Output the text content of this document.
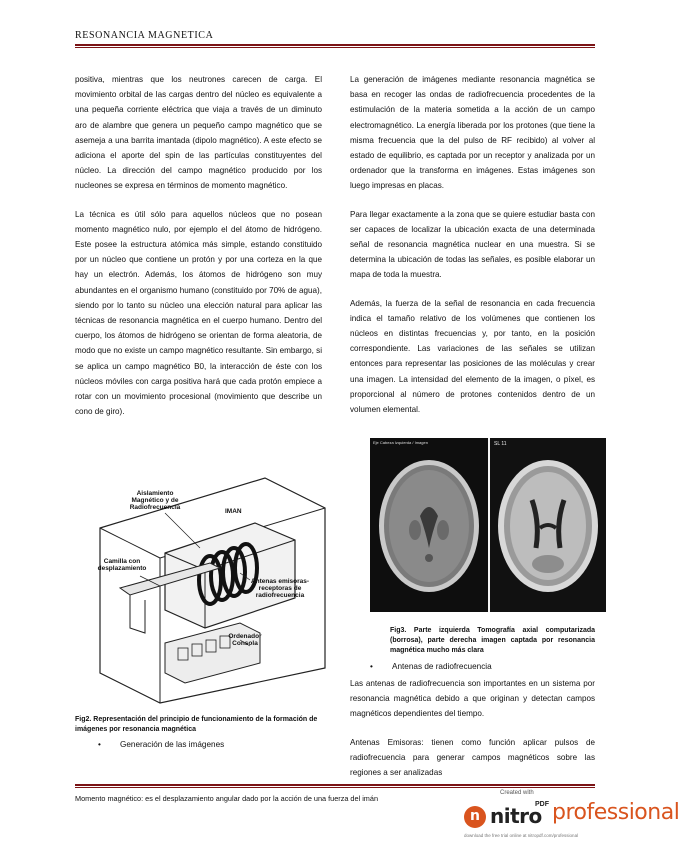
RESONANCIA MAGNETICA

positiva, mientras que los neutrones carecen de carga. El movimiento orbital de las cargas dentro del núcleo es equivalente a una pequeña corriente eléctrica que viaja a través de un diminuto aro de alambre que genera un pequeño campo magnético que se asemeja a una barrita imantada (dipolo magnético). A este efecto se adiciona el aporte del spin de las partículas constituyentes del núcleo. La dirección del campo magnético producido por los nucleones se expresa en términos de momento magnético.

La técnica es útil sólo para aquellos núcleos que no posean momento magnético nulo, por ejemplo el del átomo de hidrógeno. Este posee la estructura atómica más simple, estando constituido por un núcleo que contiene un protón y por una corteza en la que hay un electrón. Además, los átomos de hidrógeno son muy abundantes en el organismo humano (constituido por 70% de agua), siendo por lo tanto su núcleo una elección natural para aplicar las técnicas de resonancia magnética en el cuerpo humano. Dentro del cuerpo, los átomos de hidrógeno se orientan de forma aleatoria, de modo que no existe un campo magnético resultante. Sin embargo, si se aplica un campo magnético B0, la interacción de éste con los núcleos móviles con carga positiva hará que cada protón empiece a rotar con un movimiento procesional (movimiento que describe un cono de giro).

La generación de imágenes mediante resonancia magnética se basa en recoger las ondas de radiofrecuencia procedentes de la estimulación de la materia sometida a la acción de un campo electromagnético. La energía liberada por los protones (que tiene la misma frecuencia que la del pulso de RF recibido) al volver al estado de equilibrio, es captada por un receptor y analizada por un ordenador que la transforma en imágenes. Estas imágenes son luego impresas en placas.

Para llegar exactamente a la zona que se quiere estudiar basta con ser capaces de localizar la ubicación exacta de una determinada señal de resonancia magnética nuclear en una muestra. Si se determina la ubicación de todas las señales, es posible elaborar un mapa de toda la muestra.

Además, la fuerza de la señal de resonancia en cada frecuencia indica el tamaño relativo de los volúmenes que contienen los núcleos en distintas frecuencias y, por tanto, en la posición correspondiente. Las variaciones de las señales se utilizan entonces para representar las posiciones de las moléculas y crear una imagen. La intensidad del elemento de la imagen, o píxel, es proporcional al número de protones contenidos dentro de un volumen elemental.

Aislamiento Magnético y de Radiofrecuencia
IMAN
Camilla con desplazamiento
Antenas emisoras-receptoras de radiofrecuencia
Ordenador Consola
Fig2. Representación del principio de funcionamiento de la formación de imágenes por resonancia magnética
• Generación de las imágenes
Eje Cabeza Izquierda / Imagen	SL 11
Fig3. Parte izquierda Tomografía axial computarizada (borrosa), parte derecha imagen captada por resonancia magnética mucho más clara
• Antenas de radiofrecuencia

Las antenas de radiofrecuencia son importantes en un sistema por resonancia magnética debido a que originan y detectan campos magnéticos dependientes del tiempo.

Antenas Emisoras: tienen como función aplicar pulsos de radiofrecuencia para generar campos magnéticos sobre las regiones a ser analizadas

Momento magnético: es el desplazamiento angular dado por la acción de una fuerza del imán
Created with
n nitro
PDF professional
download the free trial online at nitropdf.com/professional
